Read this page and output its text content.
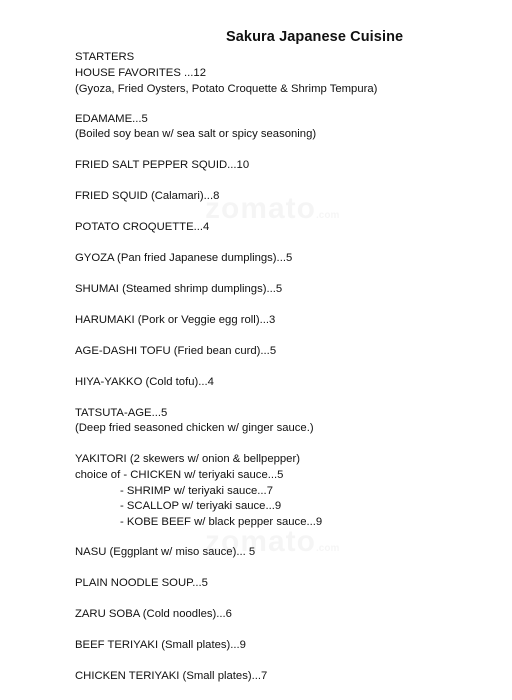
Sakura Japanese Cuisine
STARTERS
HOUSE FAVORITES ...12
(Gyoza, Fried Oysters, Potato Croquette & Shrimp Tempura)
EDAMAME...5
(Boiled soy bean w/ sea salt or spicy seasoning)
FRIED SALT PEPPER SQUID...10
FRIED SQUID (Calamari)...8
POTATO CROQUETTE...4
GYOZA (Pan fried Japanese dumplings)...5
SHUMAI (Steamed shrimp dumplings)...5
HARUMAKI (Pork or Veggie egg roll)...3
AGE-DASHI TOFU (Fried bean curd)...5
HIYA-YAKKO (Cold tofu)...4
TATSUTA-AGE...5
(Deep fried seasoned chicken w/ ginger sauce.)
YAKITORI (2 skewers w/ onion & bellpepper)
choice of - CHICKEN w/ teriyaki sauce...5
- SHRIMP w/ teriyaki sauce...7
- SCALLOP w/ teriyaki sauce...9
- KOBE BEEF w/ black pepper sauce...9
NASU (Eggplant w/ miso sauce)... 5
PLAIN NOODLE SOUP...5
ZARU SOBA (Cold noodles)...6
BEEF TERIYAKI (Small plates)...9
CHICKEN TERIYAKI (Small plates)...7
